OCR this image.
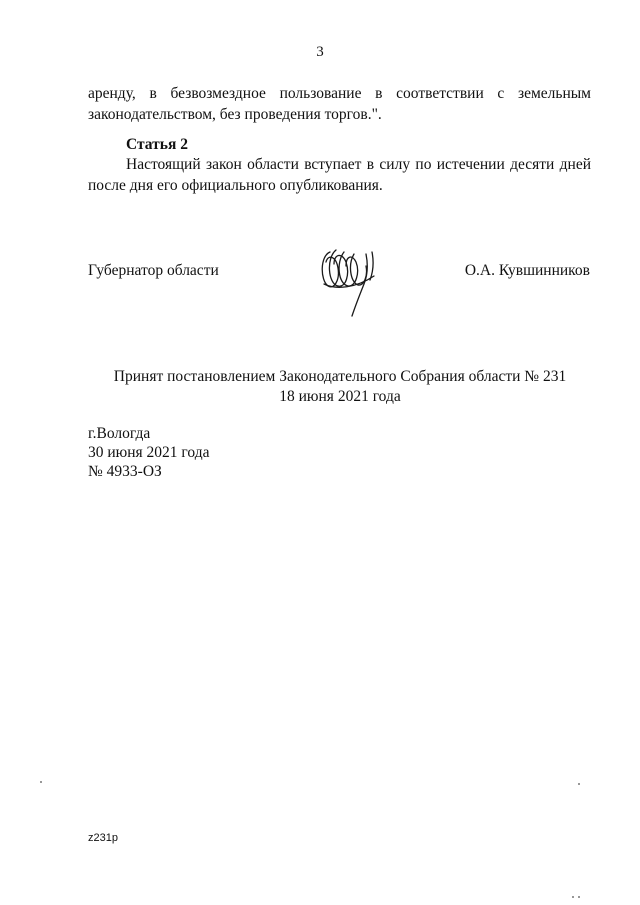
3
аренду, в безвозмездное пользование в соответствии с земельным
законодательством, без проведения торгов.".
Статья 2
Настоящий закон области вступает в силу по истечении десяти дней
после дня его официального опубликования.
Губернатор области	О.А. Кувшинников
Принят постановлением Законодательного Собрания области № 231
18 июня 2021 года
г.Вологда
30 июня 2021 года
№ 4933-ОЗ
z231p
